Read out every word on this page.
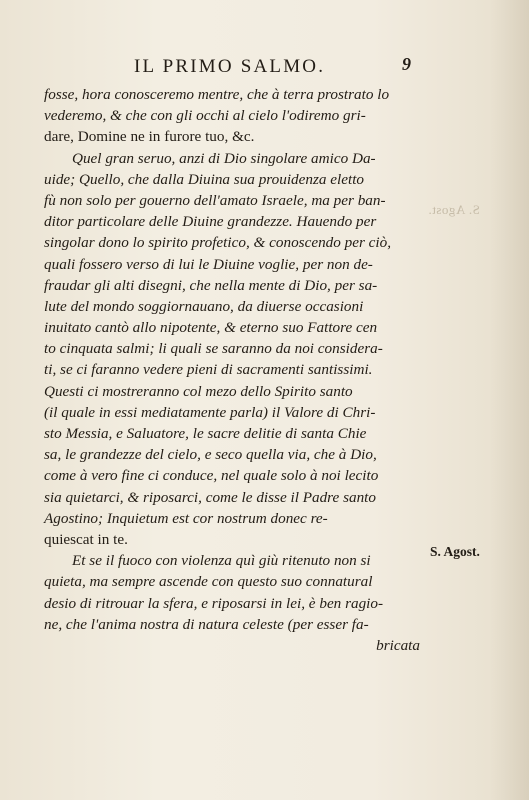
S. Agost.
IL PRIMO SALMO.	9
fosse, hora conosceremo mentre, che à terra prostrato lo
vederemo, & che con gli occhi al cielo l'odiremo gri-
dare, Domine ne in furore tuo, &c.
Quel gran seruo, anzi di Dio singolare amico Da-
uide; Quello, che dalla Diuina sua prouidenza eletto
fù non solo per gouerno dell'amato Israele, ma per ban-
ditor particolare delle Diuine grandezze. Hauendo per
singolar dono lo spirito profetico, & conoscendo per ciò,
quali fossero verso di lui le Diuine voglie, per non de-
fraudar gli alti disegni, che nella mente di Dio, per sa-
lute del mondo soggiornauano, da diuerse occasioni
inuitato cantò allo nipotente, & eterno suo Fattore cen
to cinquata salmi; li quali se saranno da noi considera-
ti, se ci faranno vedere pieni di sacramenti santissimi.
Questi ci mostreranno col mezo dello Spirito santo
(il quale in essi mediatamente parla) il Valore di Chri-
sto Messia, e Saluatore, le sacre delitie di santa Chie
sa, le grandezze del cielo, e seco quella via, che à Dio,
come à vero fine ci conduce, nel quale solo à noi lecito
sia quietarci, & riposarci, come le disse il Padre santo
Agostino; Inquietum est cor nostrum donec re-
quiescat in te.
Et se il fuoco con violenza quì giù ritenuto non si
quieta, ma sempre ascende con questo suo connatural
desio di ritrouar la sfera, e riposarsi in lei, è ben ragio-
ne, che l'anima nostra di natura celeste (per esser fa-
bricata
S. Agost.
